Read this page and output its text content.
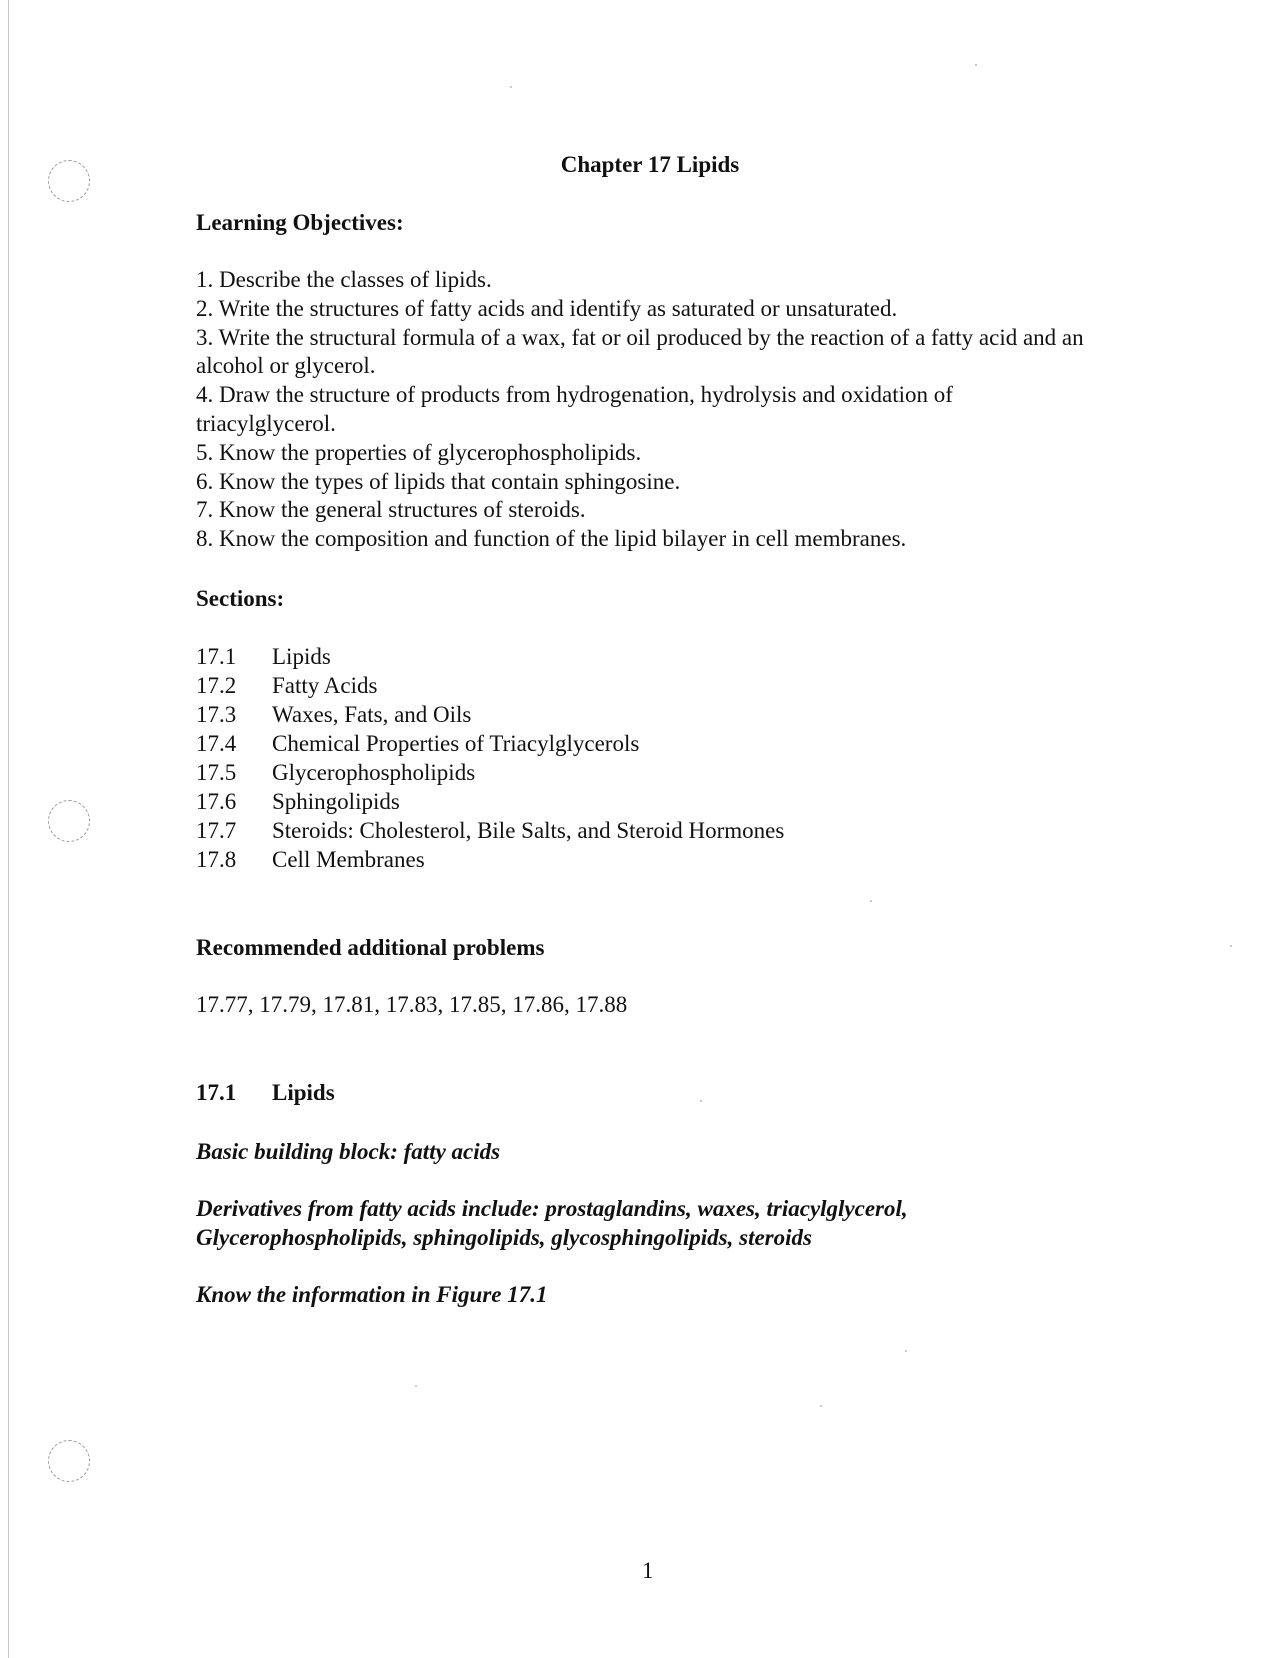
Chapter 17 Lipids
Learning Objectives:
1. Describe the classes of lipids.
2. Write the structures of fatty acids and identify as saturated or unsaturated.
3. Write the structural formula of a wax, fat or oil produced by the reaction of a fatty acid and an alcohol or glycerol.
4. Draw the structure of products from hydrogenation, hydrolysis and oxidation of triacylglycerol.
5. Know the properties of glycerophospholipids.
6. Know the types of lipids that contain sphingosine.
7. Know the general structures of steroids.
8. Know the composition and function of the lipid bilayer in cell membranes.
Sections:
17.1	Lipids
17.2	Fatty Acids
17.3	Waxes, Fats, and Oils
17.4	Chemical Properties of Triacylglycerols
17.5	Glycerophospholipids
17.6	Sphingolipids
17.7	Steroids: Cholesterol, Bile Salts, and Steroid Hormones
17.8	Cell Membranes
Recommended additional problems
17.77, 17.79, 17.81, 17.83, 17.85, 17.86, 17.88
17.1	Lipids
Basic building block: fatty acids
Derivatives from fatty acids include: prostaglandins, waxes, triacylglycerol, Glycerophospholipids, sphingolipids, glycosphingolipids, steroids
Know the information in Figure 17.1
1
